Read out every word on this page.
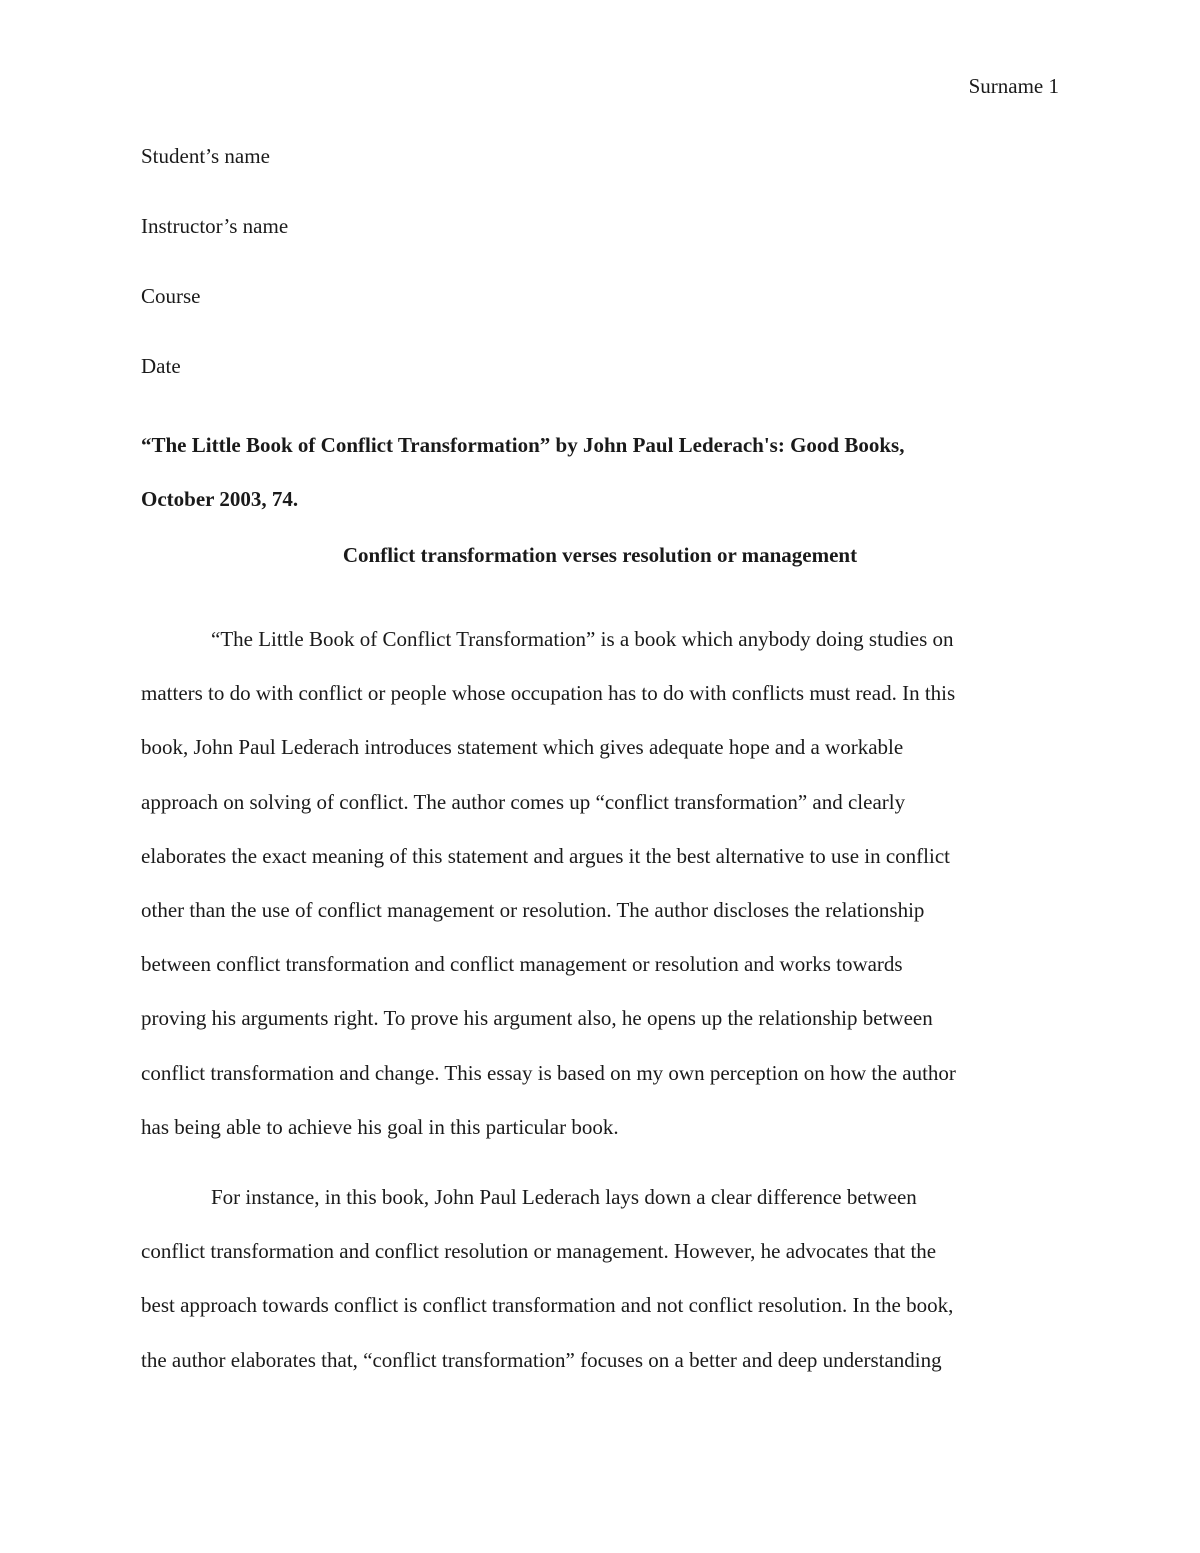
Surname 1
Student’s name
Instructor’s name
Course
Date
“The Little Book of Conflict Transformation” by John Paul Lederach's: Good Books,
October 2003, 74.
Conflict transformation verses resolution or management
“The Little Book of Conflict Transformation” is a book which anybody doing studies on
matters to do with conflict or people whose occupation has to do with conflicts must read. In this
book, John Paul Lederach introduces statement which gives adequate hope and a workable
approach on solving of conflict. The author comes up “conflict transformation” and clearly
elaborates the exact meaning of this statement and argues it the best alternative to use in conflict
other than the use of conflict management or resolution. The author discloses the relationship
between conflict transformation and conflict management or resolution and works towards
proving his arguments right. To prove his argument also, he opens up the relationship between
conflict transformation and change. This essay is based on my own perception on how the author
has being able to achieve his goal in this particular book.
For instance, in this book, John Paul Lederach lays down a clear difference between
conflict transformation and conflict resolution or management. However, he advocates that the
best approach towards conflict is conflict transformation and not conflict resolution. In the book,
the author elaborates that, “conflict transformation” focuses on a better and deep understanding
